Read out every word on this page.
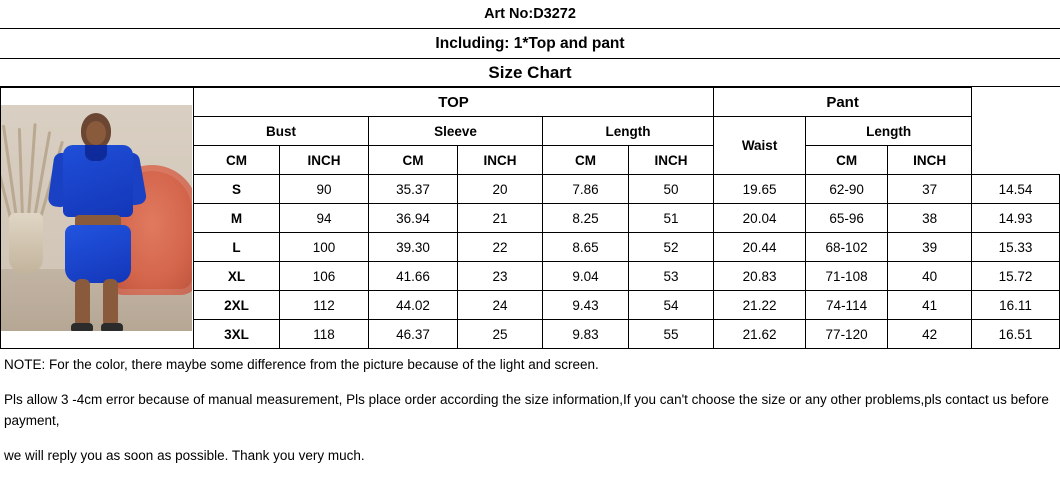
Art No:D3272
Including: 1*Top and pant
Size Chart
	TOP						Pant			
	Bust		Sleeve		Length		Waist	Length		
	CM	INCH	CM	INCH	CM	INCH		CM	INCH	
	S	90	35.37	20	7.86	50	19.65	62-90	37	14.54
	M	94	36.94	21	8.25	51	20.04	65-96	38	14.93
	L	100	39.30	22	8.65	52	20.44	68-102	39	15.33
	XL	106	41.66	23	9.04	53	20.83	71-108	40	15.72
	2XL	112	44.02	24	9.43	54	21.22	74-114	41	16.11
	3XL	118	46.37	25	9.83	55	21.62	77-120	42	16.51

NOTE: For the color, there maybe some difference from the picture because of the light and screen.

Pls allow 3 -4cm error because of manual measurement, Pls place order according the size information,If you can't choose the size or any other problems,pls contact us before payment,

we will reply you as soon as possible. Thank you very much.
